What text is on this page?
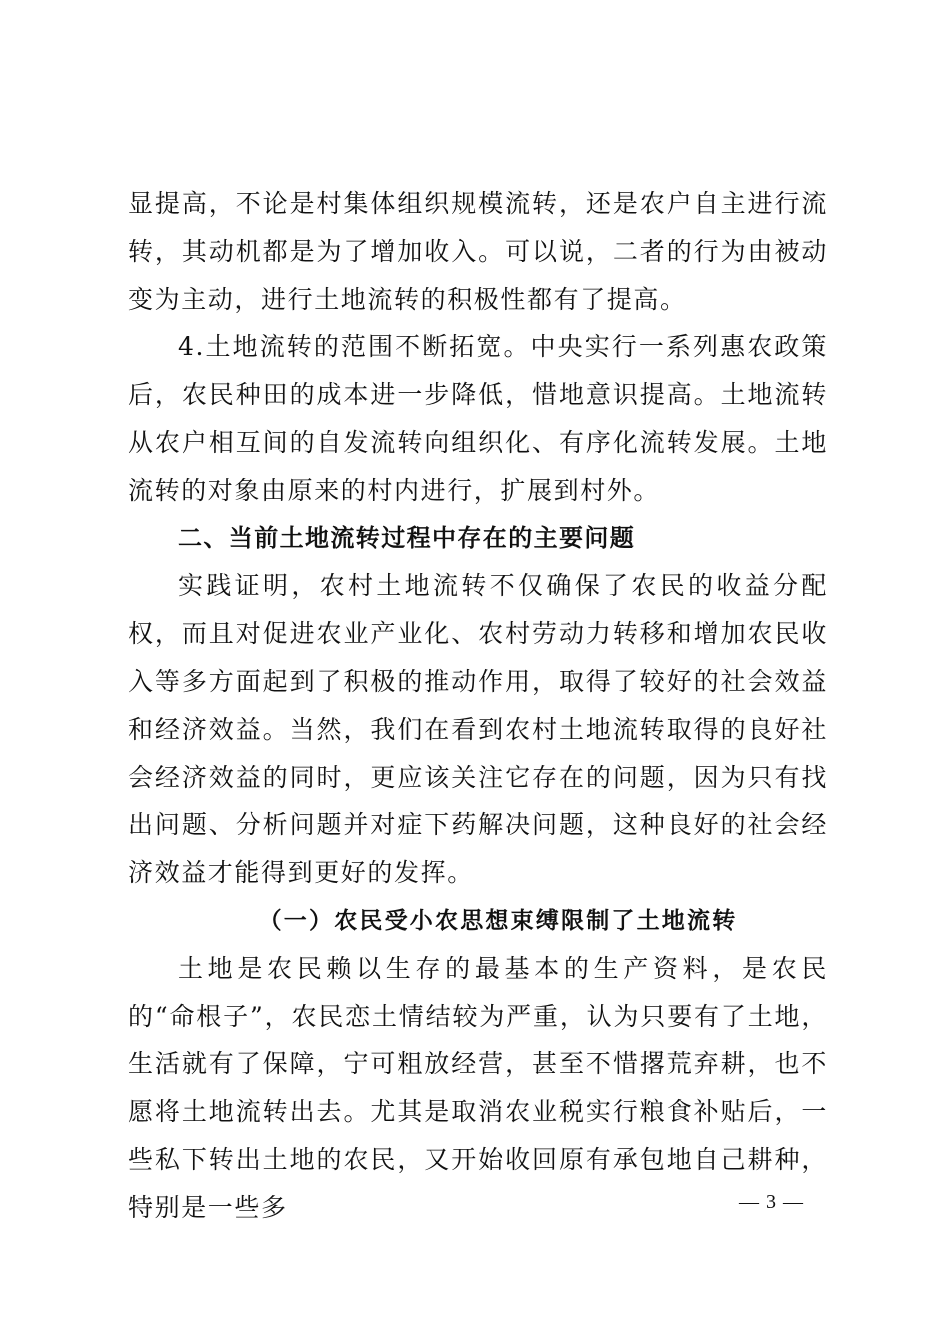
显提高，不论是村集体组织规模流转，还是农户自主进行流转，其动机都是为了增加收入。可以说，二者的行为由被动变为主动，进行土地流转的积极性都有了提高。

4.土地流转的范围不断拓宽。中央实行一系列惠农政策后，农民种田的成本进一步降低，惜地意识提高。土地流转从农户相互间的自发流转向组织化、有序化流转发展。土地流转的对象由原来的村内进行，扩展到村外。

二、当前土地流转过程中存在的主要问题

实践证明，农村土地流转不仅确保了农民的收益分配权，而且对促进农业产业化、农村劳动力转移和增加农民收入等多方面起到了积极的推动作用，取得了较好的社会效益和经济效益。当然，我们在看到农村土地流转取得的良好社会经济效益的同时，更应该关注它存在的问题，因为只有找出问题、分析问题并对症下药解决问题，这种良好的社会经济效益才能得到更好的发挥。

（一）农民受小农思想束缚限制了土地流转

土地是农民赖以生存的最基本的生产资料，是农民的“命根子”，农民恋土情结较为严重，认为只要有了土地，生活就有了保障，宁可粗放经营，甚至不惜撂荒弃耕，也不愿将土地流转出去。尤其是取消农业税实行粮食补贴后，一些私下转出土地的农民，又开始收回原有承包地自己耕种，特别是一些多	— 3 —
